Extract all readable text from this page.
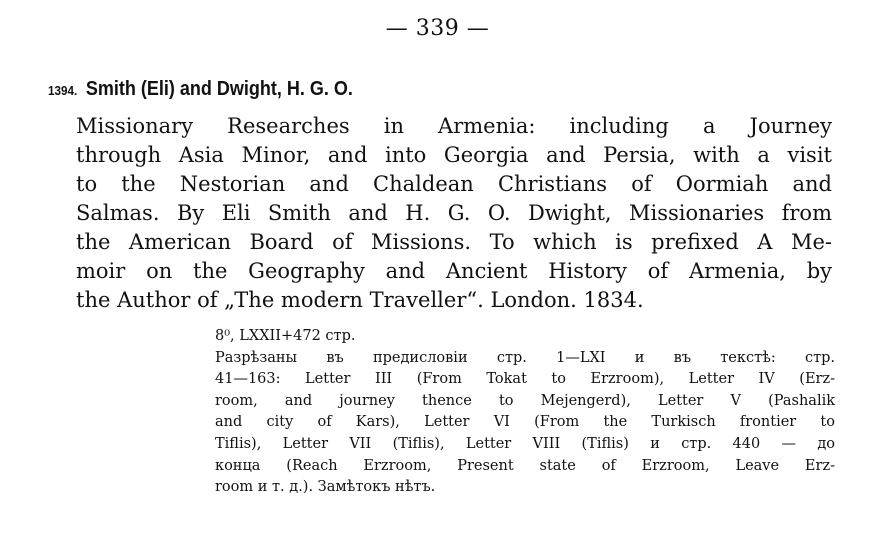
— 339 —
1394. Smith (Eli) and Dwight, H. G. O.
Missionary Researches in Armenia: including a Journey
through Asia Minor, and into Georgia and Persia, with a visit
to the Nestorian and Chaldean Christians of Oormiah and
Salmas. By Eli Smith and H. G. O. Dwight, Missionaries from
the American Board of Missions. To which is prefixed A Me-
moir on the Geography and Ancient History of Armenia, by
the Author of „The modern Traveller“. London. 1834.
8⁰, LXXII+472 стр.
Разрѣзаны въ предисловіи стр. 1—LXI и въ текстѣ: стр.
41—163: Letter III (From Tokat to Erzroom), Letter IV (Erz-
room, and journey thence to Mejengerd), Letter V (Pashalik
and city of Kars), Letter VI (From the Turkisch frontier to
Tiflis), Letter VII (Tiflis), Letter VIII (Tiflis) и стр. 440 — до
конца (Reach Erzroom, Present state of Erzroom, Leave Erz-
room и т. д.). Замѣтокъ нѣтъ.
